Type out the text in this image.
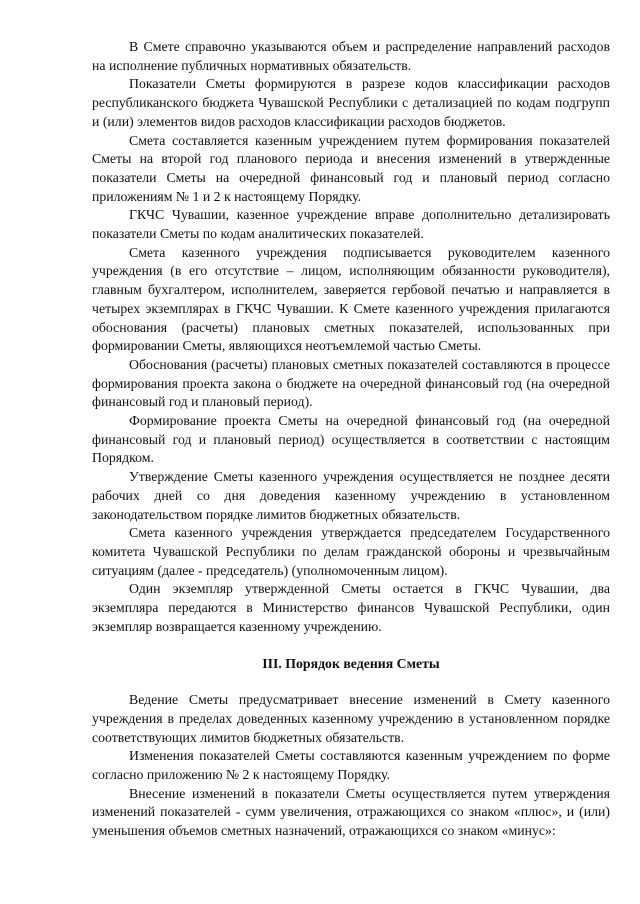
В Смете справочно указываются объем и распределение направлений расходов на исполнение публичных нормативных обязательств.

Показатели Сметы формируются в разрезе кодов классификации расходов республиканского бюджета Чувашской Республики с детализацией по кодам подгрупп и (или) элементов видов расходов классификации расходов бюджетов.

Смета составляется казенным учреждением путем формирования показателей Сметы на второй год планового периода и внесения изменений в утвержденные показатели Сметы на очередной финансовый год и плановый период согласно приложениям № 1 и 2 к настоящему Порядку.

ГКЧС Чувашии, казенное учреждение вправе дополнительно детализировать показатели Сметы по кодам аналитических показателей.

Смета казенного учреждения подписывается руководителем казенного учреждения (в его отсутствие – лицом, исполняющим обязанности руководителя), главным бухгалтером, исполнителем, заверяется гербовой печатью и направляется в четырех экземплярах в ГКЧС Чувашии. К Смете казенного учреждения прилагаются обоснования (расчеты) плановых сметных показателей, использованных при формировании Сметы, являющихся неотъемлемой частью Сметы.

Обоснования (расчеты) плановых сметных показателей составляются в процессе формирования проекта закона о бюджете на очередной финансовый год (на очередной финансовый год и плановый период).

Формирование проекта Сметы на очередной финансовый год (на очередной финансовый год и плановый период) осуществляется в соответствии с настоящим Порядком.

Утверждение Сметы казенного учреждения осуществляется не позднее десяти рабочих дней со дня доведения казенному учреждению в установленном законодательством порядке лимитов бюджетных обязательств.

Смета казенного учреждения утверждается председателем Государственного комитета Чувашской Республики по делам гражданской обороны и чрезвычайным ситуациям (далее - председатель) (уполномоченным лицом).

Один экземпляр утвержденной Сметы остается в ГКЧС Чувашии, два экземпляра передаются в Министерство финансов Чувашской Республики, один экземпляр возвращается казенному учреждению.

III. Порядок ведения Сметы

Ведение Сметы предусматривает внесение изменений в Смету казенного учреждения в пределах доведенных казенному учреждению в установленном порядке соответствующих лимитов бюджетных обязательств.

Изменения показателей Сметы составляются казенным учреждением по форме согласно приложению № 2 к настоящему Порядку.

Внесение изменений в показатели Сметы осуществляется путем утверждения изменений показателей - сумм увеличения, отражающихся со знаком «плюс», и (или) уменьшения объемов сметных назначений, отражающихся со знаком «минус»:
